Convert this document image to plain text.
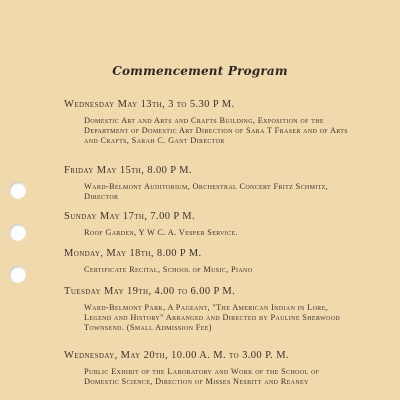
Commencement Program
Wednesday May 13th, 3 to 5.30 P M.
Domestic Art and Arts and Crafts Building, Exposition of the Department of Domestic Art Direction of Sara T Fraser and of Arts and Crafts, Sarah C. Gant Director
Friday May 15th, 8.00 P M.
Ward-Belmont Auditorium, Orchestral Concert Fritz Schmitz, Director
Sunday May 17th, 7.00 P M.
Roof Garden, Y W C. A. Vesper Service.
Monday, May 18th, 8.00 P M.
Certificate Recital, School of Music, Piano
Tuesday May 19th, 4.00 to 6.00 P M.
Ward-Belmont Park, A Pageant, "The American Indian in Lore, Legend and History" Arranged and Directed by Pauline Sherwood Townsend. (Small Admission Fee)
Wednesday, May 20th, 10.00 A. M. to 3.00 P. M.
Public Exhibit of the Laboratory and Work of the School of Domestic Science, Direction of Misses Nesbitt and Reaney
